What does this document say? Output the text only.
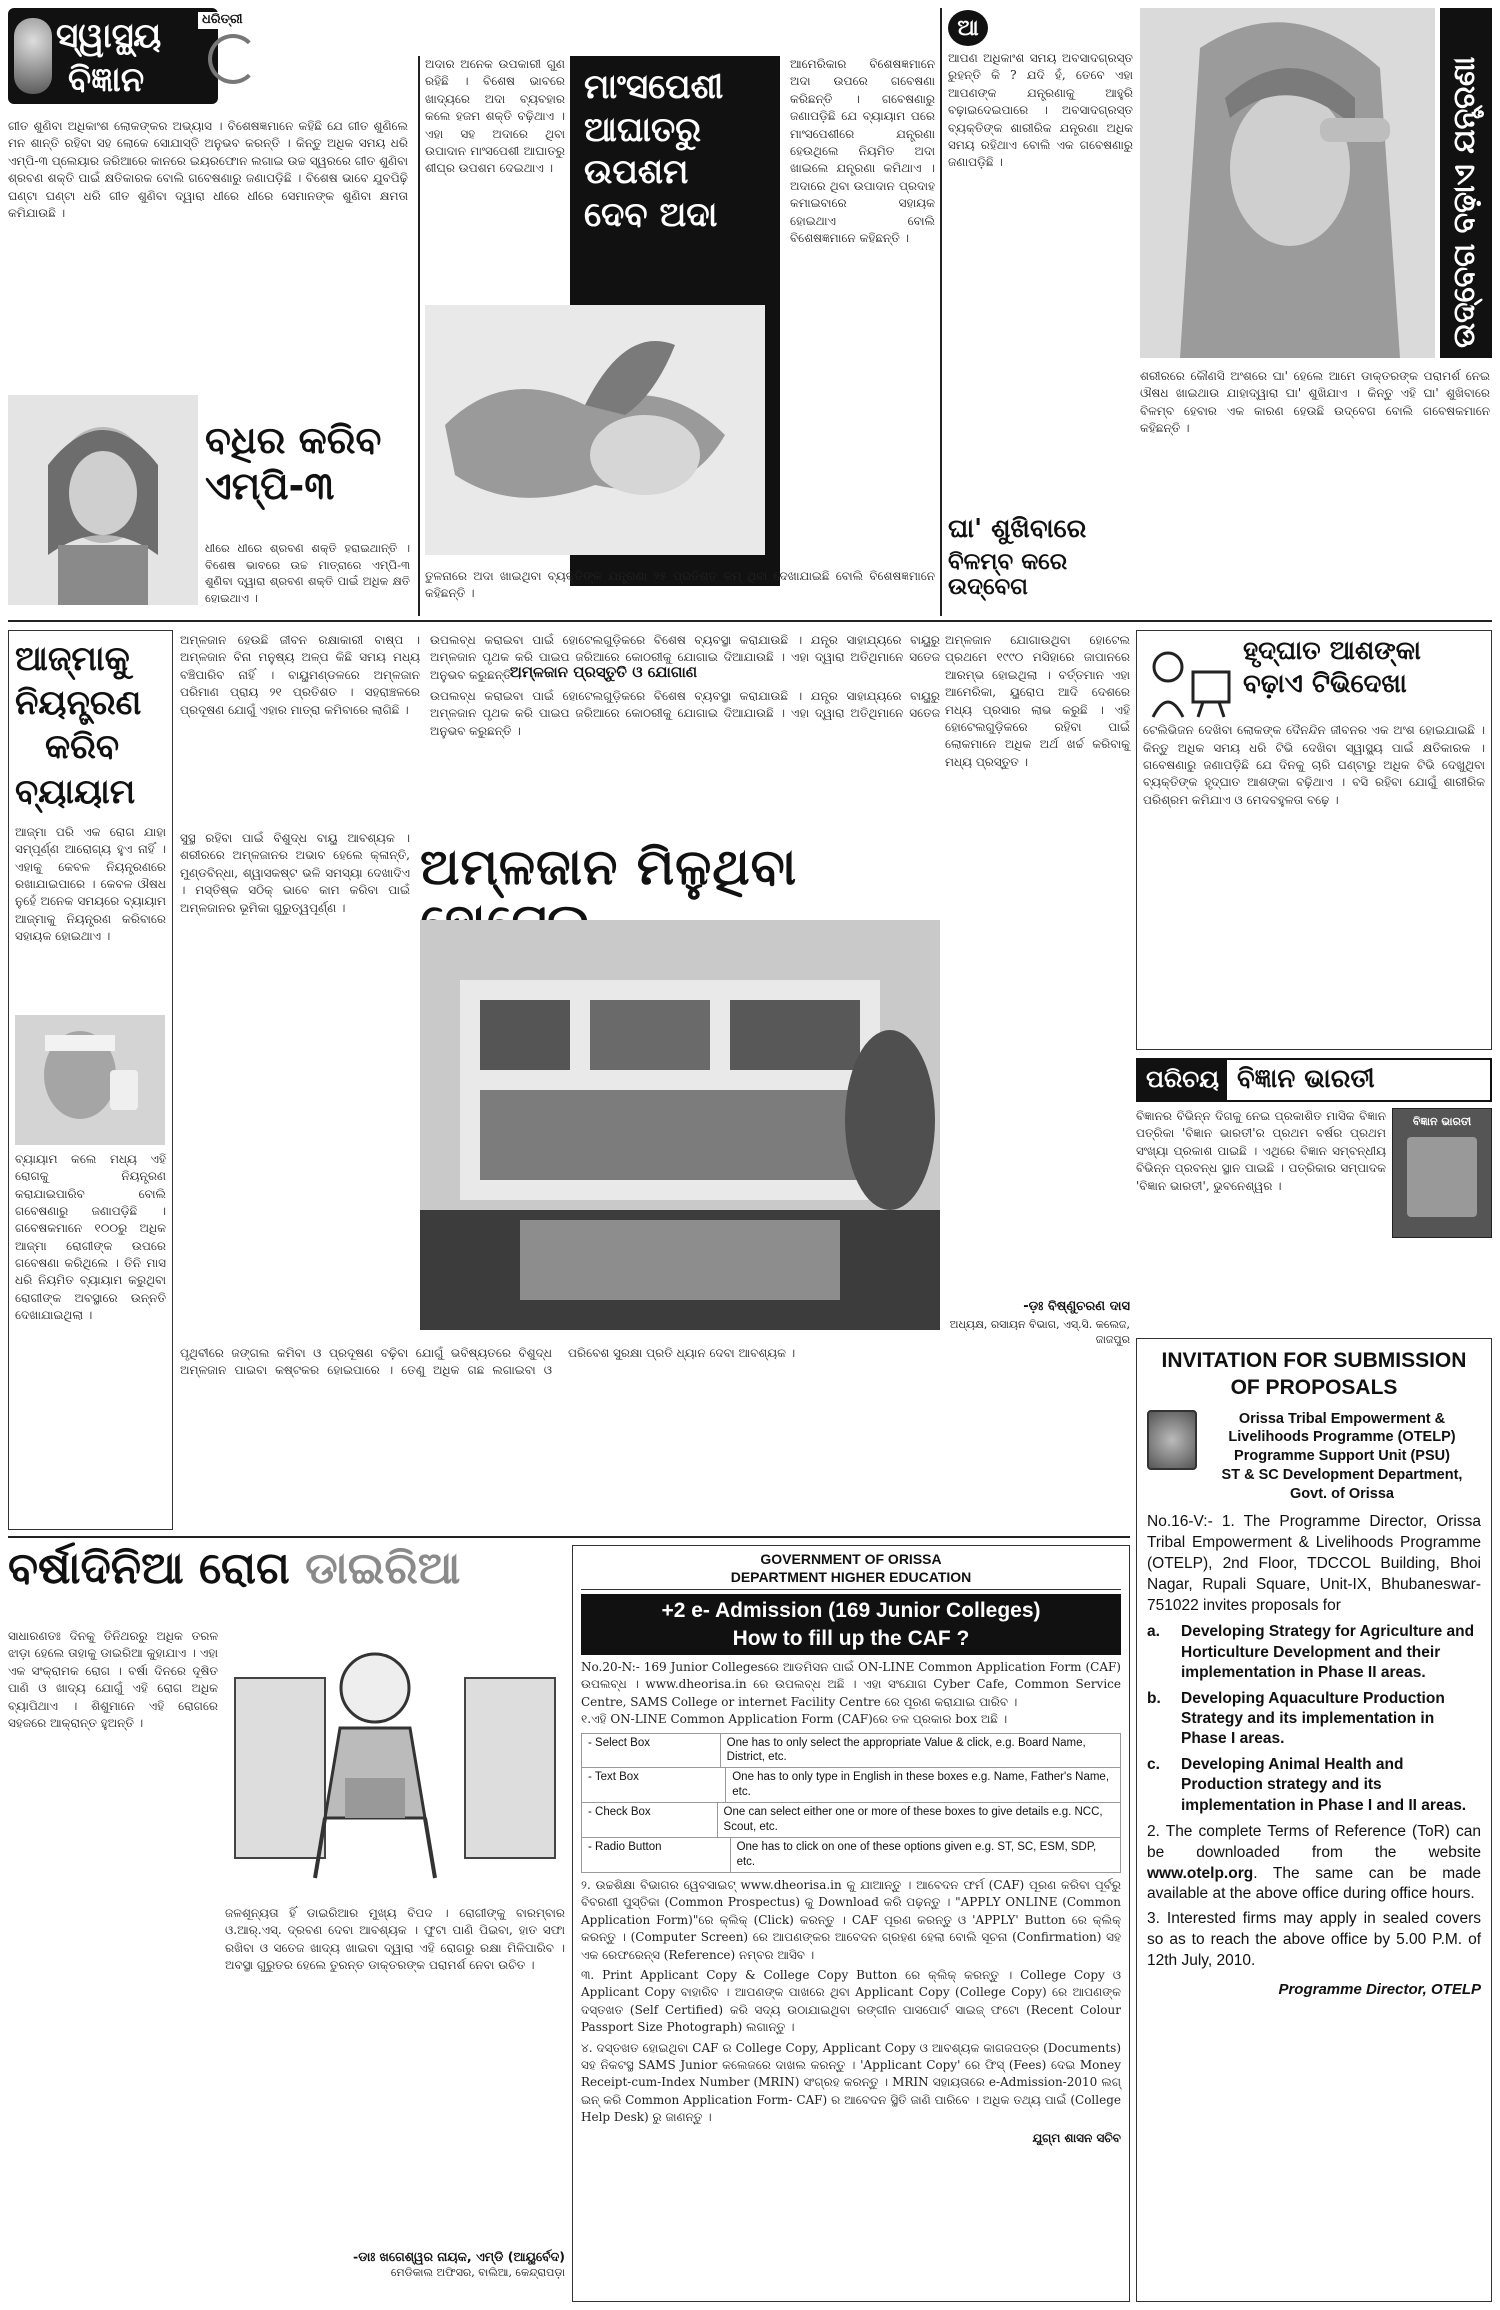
ସ୍ୱାସ୍ଥ୍ୟ
ବିଜ୍ଞାନ
ଧରିତ୍ରୀ
ଗୀତ ଶୁଣିବା ଅଧିକାଂଶ ଲୋକଙ୍କର ଅଭ୍ୟାସ । ବିଶେଷଜ୍ଞମାନେ କହିଛି ଯେ ଗୀତ ଶୁଣିଲେ ମନ ଶାନ୍ତି ରହିବା ସହ ଲୋକେ ସୋଯାସ୍ତି ଅନୁଭବ କରନ୍ତି । କିନ୍ତୁ ଅଧିକ ସମୟ ଧରି ଏମ୍‌ପି-୩ ପ୍ଲେୟାର ଜରିଆରେ କାନରେ ଇୟରଫୋନ ଲଗାଇ ଉଚ୍ଚ ସ୍ୱରରେ ଗୀତ ଶୁଣିବା ଶ୍ରବଣ ଶକ୍ତି ପାଇଁ କ୍ଷତିକାରକ ବୋଲି ଗବେଷଣାରୁ ଜଣାପଡ଼ିଛି । ବିଶେଷ ଭାବେ ଯୁବପିଢ଼ି ଘଣ୍ଟା ଘଣ୍ଟା ଧରି ଗୀତ ଶୁଣିବା ଦ୍ୱାରା ଧୀରେ ଧୀରେ ସେମାନଙ୍କ ଶୁଣିବା କ୍ଷମତା କମିଯାଉଛି ।
ବଧିର କରିବ
ଏମ୍‌ପି-୩
ଧୀରେ ଧୀରେ ଶ୍ରବଣ ଶକ୍ତି ହରାଇଥାନ୍ତି । ବିଶେଷ ଭାବରେ ଉଚ୍ଚ ମାତ୍ରାରେ ଏମ୍‌ପି-୩ ଶୁଣିବା ଦ୍ୱାରା ଶ୍ରବଣ ଶକ୍ତି ପାଇଁ ଅଧିକ କ୍ଷତି ହୋଇଥାଏ ।
ଅଦାର ଅନେକ ଉପକାରୀ ଗୁଣ ରହିଛି । ବିଶେଷ ଭାବରେ ଖାଦ୍ୟରେ ଅଦା ବ୍ୟବହାର କଲେ ହଜମ ଶକ୍ତି ବଢ଼ିଥାଏ । ଏହା ସହ ଅଦାରେ ଥିବା ଉପାଦାନ ମାଂସପେଶୀ ଆଘାତରୁ ଶୀଘ୍ର ଉପଶମ ଦେଇଥାଏ ।
ମାଂସପେଶୀ
ଆଘାତରୁ
ଉପଶମ
ଦେବ ଅଦା
ତୁଳନାରେ ଅଦା ଖାଇଥିବା ବ୍ୟକ୍ତିଙ୍କ ଯନ୍ତ୍ରଣା ୨୫ ପ୍ରତିଶତ କମ୍ ଥିବା ଦେଖାଯାଇଛି ବୋଲି ବିଶେଷଜ୍ଞମାନେ କହିଛନ୍ତି ।
ଆମେରିକାର ବିଶେଷଜ୍ଞମାନେ ଅଦା ଉପରେ ଗବେଷଣା କରିଛନ୍ତି । ଗବେଷଣାରୁ ଜଣାପଡ଼ିଛି ଯେ ବ୍ୟାୟାମ ପରେ ମାଂସପେଶୀରେ ଯନ୍ତ୍ରଣା ହେଉଥିଲେ ନିୟମିତ ଅଦା ଖାଇଲେ ଯନ୍ତ୍ରଣା କମିଥାଏ । ଅଦାରେ ଥିବା ଉପାଦାନ ପ୍ରଦାହ କମାଇବାରେ ସହାୟକ ହୋଇଥାଏ ବୋଲି ବିଶେଷଜ୍ଞମାନେ କହିଛନ୍ତି ।
ଆ
ଆପଣ ଅଧିକାଂଶ ସମୟ ଅବସାଦଗ୍ରସ୍ତ ରୁହନ୍ତି କି ? ଯଦି ହଁ, ତେବେ ଏହା ଆପଣଙ୍କ ଯନ୍ତ୍ରଣାକୁ ଆହୁରି ବଢ଼ାଇଦେଇପାରେ । ଅବସାଦଗ୍ରସ୍ତ ବ୍ୟକ୍ତିଙ୍କ ଶାରୀରିକ ଯନ୍ତ୍ରଣା ଅଧିକ ସମୟ ରହିଥାଏ ବୋଲି ଏକ ଗବେଷଣାରୁ ଜଣାପଡ଼ିଛି ।	ଉଦ୍‌ବେଗ ବଢ଼ାଏ ଯନ୍ତ୍ରଣା
ଶରୀରରେ କୌଣସି ଅଂଶରେ ଘା' ହେଲେ ଆମେ ଡାକ୍ତରଙ୍କ ପରାମର୍ଶ ନେଇ ଔଷଧ ଖାଇଥାଉ ଯାହାଦ୍ୱାରା ଘା' ଶୁଖିଯାଏ । କିନ୍ତୁ ଏହି ଘା' ଶୁଖିବାରେ ବିଳମ୍ବ ହେବାର ଏକ କାରଣ ହେଉଛି ଉଦ୍‌ବେଗ ବୋଲି ଗବେଷକମାନେ କହିଛନ୍ତି ।
ଘା' ଶୁଖିବାରେ
ବିଳମ୍ବ କରେ ଉଦ୍‌ବେଗ
ଆଜ୍‌ମାକୁ
ନିୟନ୍ତ୍ରଣ
କରିବ
ବ୍ୟାୟାମ
ଆଜ୍‌ମା ପରି ଏକ ରୋଗ ଯାହା ସମ୍ପୂର୍ଣ୍ଣ ଆରୋଗ୍ୟ ହୁଏ ନାହିଁ । ଏହାକୁ କେବଳ ନିୟନ୍ତ୍ରଣରେ ରଖାଯାଇପାରେ । କେବଳ ଔଷଧ ନୁହେଁ ଅନେକ ସମୟରେ ବ୍ୟାୟାମ ଆଜ୍‌ମାକୁ ନିୟନ୍ତ୍ରଣ କରିବାରେ ସହାୟକ ହୋଇଥାଏ ।
ବ୍ୟାୟାମ କଲେ ମଧ୍ୟ ଏହି ରୋଗକୁ ନିୟନ୍ତ୍ରଣ କରାଯାଇପାରିବ ବୋଲି ଗବେଷଣାରୁ ଜଣାପଡ଼ିଛି । ଗବେଷକମାନେ ୧୦୦ରୁ ଅଧିକ ଆଜ୍‌ମା ରୋଗୀଙ୍କ ଉପରେ ଗବେଷଣା କରିଥିଲେ । ତିନି ମାସ ଧରି ନିୟମିତ ବ୍ୟାୟାମ କରୁଥିବା ରୋଗୀଙ୍କ ଅବସ୍ଥାରେ ଉନ୍ନତି ଦେଖାଯାଇଥିଲା ।
ଅମ୍ଳଜାନ ହେଉଛି ଜୀବନ ରକ୍ଷାକାରୀ ବାଷ୍ପ । ଅମ୍ଳଜାନ ବିନା ମନୁଷ୍ୟ ଅଳ୍ପ କିଛି ସମୟ ମଧ୍ୟ ବଞ୍ଚିପାରିବ ନାହିଁ । ବାୟୁମଣ୍ଡଳରେ ଅମ୍ଳଜାନ ପରିମାଣ ପ୍ରାୟ ୨୧ ପ୍ରତିଶତ । ସହରାଞ୍ଚଳରେ ପ୍ରଦୂଷଣ ଯୋଗୁଁ ଏହାର ମାତ୍ରା କମିବାରେ ଲାଗିଛି ।
ଉପଲବ୍ଧ କରାଇବା ପାଇଁ ହୋଟେଲଗୁଡ଼ିକରେ ବିଶେଷ ବ୍ୟବସ୍ଥା କରାଯାଉଛି । ଯନ୍ତ୍ର ସାହାଯ୍ୟରେ ବାୟୁରୁ ଅମ୍ଳଜାନ ପୃଥକ କରି ପାଇପ ଜରିଆରେ କୋଠରୀକୁ ଯୋଗାଇ ଦିଆଯାଉଛି । ଏହା ଦ୍ୱାରା ଅତିଥିମାନେ ସତେଜ ଅନୁଭବ କରୁଛନ୍ତି ।
ଅମ୍ଳଜାନ ପ୍ରସ୍ତୁତି ଓ ଯୋଗାଣ
ଉପଲବ୍ଧ କରାଇବା ପାଇଁ ହୋଟେଲଗୁଡ଼ିକରେ ବିଶେଷ ବ୍ୟବସ୍ଥା କରାଯାଉଛି । ଯନ୍ତ୍ର ସାହାଯ୍ୟରେ ବାୟୁରୁ ଅମ୍ଳଜାନ ପୃଥକ କରି ପାଇପ ଜରିଆରେ କୋଠରୀକୁ ଯୋଗାଇ ଦିଆଯାଉଛି । ଏହା ଦ୍ୱାରା ଅତିଥିମାନେ ସତେଜ ଅନୁଭବ କରୁଛନ୍ତି ।
ଅମ୍ଳଜାନ ଯୋଗାଉଥିବା ହୋଟେଲ ପ୍ରଥମେ ୧୯୯୦ ମସିହାରେ ଜାପାନରେ ଆରମ୍ଭ ହୋଇଥିଲା । ବର୍ତ୍ତମାନ ଏହା ଆମେରିକା, ୟୁରୋପ ଆଦି ଦେଶରେ ମଧ୍ୟ ପ୍ରସାର ଲାଭ କରୁଛି । ଏହି ହୋଟେଲଗୁଡ଼ିକରେ ରହିବା ପାଇଁ ଲୋକମାନେ ଅଧିକ ଅର୍ଥ ଖର୍ଚ୍ଚ କରିବାକୁ ମଧ୍ୟ ପ୍ରସ୍ତୁତ ।
ଅମ୍ଳଜାନ ମିଳୁଥିବା
ସୁସ୍ଥ ରହିବା ପାଇଁ ବିଶୁଦ୍ଧ ବାୟୁ ଆବଶ୍ୟକ । ଶରୀରରେ ଅମ୍ଳଜାନର ଅଭାବ ହେଲେ କ୍ଳାନ୍ତି, ମୁଣ୍ଡବିନ୍ଧା, ଶ୍ୱାସକଷ୍ଟ ଭଳି ସମସ୍ୟା ଦେଖାଦିଏ । ମସ୍ତିଷ୍କ ସଠିକ୍ ଭାବେ କାମ କରିବା ପାଇଁ ଅମ୍ଳଜାନର ଭୂମିକା ଗୁରୁତ୍ୱପୂର୍ଣ୍ଣ ।
ପୃଥିବୀରେ ଜଙ୍ଗଲ କମିବା ଓ ପ୍ରଦୂଷଣ ବଢ଼ିବା ଯୋଗୁଁ ଭବିଷ୍ୟତରେ ବିଶୁଦ୍ଧ ଅମ୍ଳଜାନ ପାଇବା କଷ୍ଟକର ହୋଇପାରେ । ତେଣୁ ଅଧିକ ଗଛ ଲଗାଇବା ଓ ପରିବେଶ ସୁରକ୍ଷା ପ୍ରତି ଧ୍ୟାନ ଦେବା ଆବଶ୍ୟକ ।
-ଡ଼ଃ ବିଷ୍ଣୁଚରଣ ଦାସ
ଅଧ୍ୟକ୍ଷ, ରସାୟନ ବିଭାଗ, ଏସ୍.ସି. କଲେଜ, ଜାଜପୁର
ହୃଦ୍‌ଘାତ ଆଶଙ୍କା
ବଢ଼ାଏ ଟିଭିଦେଖା
ଟେଲିଭିଜନ ଦେଖିବା ଲୋକଙ୍କ ଦୈନନ୍ଦିନ ଜୀବନର ଏକ ଅଂଶ ହୋଇଯାଇଛି । କିନ୍ତୁ ଅଧିକ ସମୟ ଧରି ଟିଭି ଦେଖିବା ସ୍ୱାସ୍ଥ୍ୟ ପାଇଁ କ୍ଷତିକାରକ । ଗବେଷଣାରୁ ଜଣାପଡ଼ିଛି ଯେ ଦିନକୁ ଚାରି ଘଣ୍ଟାରୁ ଅଧିକ ଟିଭି ଦେଖୁଥିବା ବ୍ୟକ୍ତିଙ୍କ ହୃଦ୍‌ଘାତ ଆଶଙ୍କା ବଢ଼ିଥାଏ । ବସି ରହିବା ଯୋଗୁଁ ଶାରୀରିକ ପରିଶ୍ରମ କମିଯାଏ ଓ ମେଦବହୁଳତା ବଢ଼େ ।
ପରିଚୟ ବିଜ୍ଞାନ ଭାରତୀ
ବିଜ୍ଞାନର ବିଭିନ୍ନ ଦିଗକୁ ନେଇ ପ୍ରକାଶିତ ମାସିକ ବିଜ୍ଞାନ ପତ୍ରିକା 'ବିଜ୍ଞାନ ଭାରତୀ'ର ପ୍ରଥମ ବର୍ଷର ପ୍ରଥମ ସଂଖ୍ୟା ପ୍ରକାଶ ପାଇଛି । ଏଥିରେ ବିଜ୍ଞାନ ସମ୍ବନ୍ଧୀୟ ବିଭିନ୍ନ ପ୍ରବନ୍ଧ ସ୍ଥାନ ପାଇଛି । ପତ୍ରିକାର ସମ୍ପାଦକ 'ବିଜ୍ଞାନ ଭାରତୀ', ଭୁବନେଶ୍ୱର ।
ବିଜ୍ଞାନ ଭାରତୀ
INVITATION FOR SUBMISSION
OF PROPOSALS
Orissa Tribal Empowerment &
Livelihoods Programme (OTELP)
Programme Support Unit (PSU)
ST & SC Development Department,
Govt. of Orissa
No.16-V:- 1. The Programme Director, Orissa Tribal Empowerment & Livelihoods Programme (OTELP), 2nd Floor, TDCCOL Building, Bhoi Nagar, Rupali Square, Unit-IX, Bhubaneswar-751022 invites proposals for
a.	Developing Strategy for Agriculture and Horticulture Development and their implementation in Phase II areas.
b.	Developing Aquaculture Production Strategy and its implementation in Phase I areas.
c.	Developing Animal Health and Production strategy and its implementation in Phase I and II areas.
2. The complete Terms of Reference (ToR) can be downloaded from the website www.otelp.org. The same can be made available at the above office during office hours.
3. Interested firms may apply in sealed covers so as to reach the above office by 5.00 P.M. of 12th July, 2010.
Programme Director, OTELP
ବର୍ଷାଦିନିଆ ରୋଗ ଡାଇରିଆ
ସାଧାରଣତଃ ଦିନକୁ ତିନିଥରରୁ ଅଧିକ ତରଳ ଝାଡ଼ା ହେଲେ ତାହାକୁ ଡାଇରିଆ କୁହାଯାଏ । ଏହା ଏକ ସଂକ୍ରାମକ ରୋଗ । ବର୍ଷା ଦିନରେ ଦୂଷିତ ପାଣି ଓ ଖାଦ୍ୟ ଯୋଗୁଁ ଏହି ରୋଗ ଅଧିକ ବ୍ୟାପିଥାଏ । ଶିଶୁମାନେ ଏହି ରୋଗରେ ସହଜରେ ଆକ୍ରାନ୍ତ ହୁଅନ୍ତି ।
ଜଳଶୂନ୍ୟତା ହିଁ ଡାଇରିଆର ମୁଖ୍ୟ ବିପଦ । ରୋଗୀଙ୍କୁ ବାରମ୍ବାର ଓ.ଆର୍.ଏସ୍. ଦ୍ରବଣ ଦେବା ଆବଶ୍ୟକ । ଫୁଟା ପାଣି ପିଇବା, ହାତ ସଫା ରଖିବା ଓ ସତେଜ ଖାଦ୍ୟ ଖାଇବା ଦ୍ୱାରା ଏହି ରୋଗରୁ ରକ୍ଷା ମିଳିପାରିବ । ଅବସ୍ଥା ଗୁରୁତର ହେଲେ ତୁରନ୍ତ ଡାକ୍ତରଙ୍କ ପରାମର୍ଶ ନେବା ଉଚିତ ।
-ଡାଃ ଖଗେଶ୍ୱର ନାୟକ, ଏମ୍‌ଡି (ଆୟୁର୍ବେଦ)
ମେଡିକାଲ ଅଫିସର, ବାଲିଆ, କେନ୍ଦ୍ରାପଡ଼ା
GOVERNMENT OF ORISSA
DEPARTMENT HIGHER EDUCATION
+2 e- Admission (169 Junior Colleges)
How to fill up the CAF ?
No.20-N:- 169 Junior Collegesରେ ଆଡମିସନ ପାଇଁ ON-LINE Common Application Form (CAF) ଉପଲବ୍ଧ । www.dheorisa.in ରେ ଉପଲବ୍ଧ ଅଛି । ଏହା ସଂଯୋଗ Cyber Cafe, Common Service Centre, SAMS College or internet Facility Centre ରେ ପୂରଣ କରାଯାଇ ପାରିବ ।
୧.ଏହି ON-LINE Common Application Form (CAF)ରେ ତଳ ପ୍ରକାର box ଅଛି ।
- Select Box	One has to only select the appropriate Value & click, e.g. Board Name, District, etc.
- Text Box	One has to only type in English in these boxes e.g. Name, Father's Name, etc.
- Check Box	One can select either one or more of these boxes to give details e.g. NCC, Scout, etc.
- Radio Button	One has to click on one of these options given e.g. ST, SC, ESM, SDP, etc.
୨. ଉଚ୍ଚଶିକ୍ଷା ବିଭାଗର ୱେବସାଇଟ୍ www.dheorisa.in କୁ ଯାଆନ୍ତୁ । ଆବେଦନ ଫର୍ମ (CAF) ପୂରଣ କରିବା ପୂର୍ବରୁ ବିବରଣୀ ପୁସ୍ତିକା (Common Prospectus) କୁ Download କରି ପଢ଼ନ୍ତୁ । "APPLY ONLINE (Common Application Form)"ରେ କ୍ଲିକ୍ (Click) କରନ୍ତୁ । CAF ପୂରଣ କରନ୍ତୁ ଓ 'APPLY' Button ରେ କ୍ଲିକ୍ କରନ୍ତୁ । (Computer Screen) ରେ ଆପଣଙ୍କର ଆବେଦନ ଗ୍ରହଣ ହେଲା ବୋଲି ସୂଚନା (Confirmation) ସହ ଏକ ରେଫରେନ୍ସ (Reference) ନମ୍ବର ଆସିବ ।
୩. Print Applicant Copy & College Copy Button ରେ କ୍ଲିକ୍ କରନ୍ତୁ । College Copy ଓ Applicant Copy ବାହାରିବ । ଆପଣଙ୍କ ପାଖରେ ଥିବା Applicant Copy (College Copy) ରେ ଆପଣଙ୍କ ଦସ୍ତଖତ (Self Certified) କରି ସଦ୍ୟ ଉଠାଯାଇଥିବା ରଙ୍ଗୀନ ପାସପୋର୍ଟ ସାଇଜ୍ ଫଟୋ (Recent Colour Passport Size Photograph) ଲଗାନ୍ତୁ ।
୪. ଦସ୍ତଖତ ହୋଇଥିବା CAF ର College Copy, Applicant Copy ଓ ଆବଶ୍ୟକ କାଗଜପତ୍ର (Documents) ସହ ନିକଟସ୍ଥ SAMS Junior କଲେଜରେ ଦାଖଲ କରନ୍ତୁ । 'Applicant Copy' ରେ ଫିସ୍ (Fees) ଦେଇ Money Receipt-cum-Index Number (MRIN) ସଂଗ୍ରହ କରନ୍ତୁ । MRIN ସହାୟତାରେ e-Admission-2010 ଲଗ୍ ଇନ୍ କରି Common Application Form- CAF) ର ଆବେଦନ ସ୍ଥିତି ଜାଣି ପାରିବେ । ଅଧିକ ତଥ୍ୟ ପାଇଁ (College Help Desk) ରୁ ଜାଣନ୍ତୁ ।
ଯୁଗ୍ମ ଶାସନ ସଚିବ
